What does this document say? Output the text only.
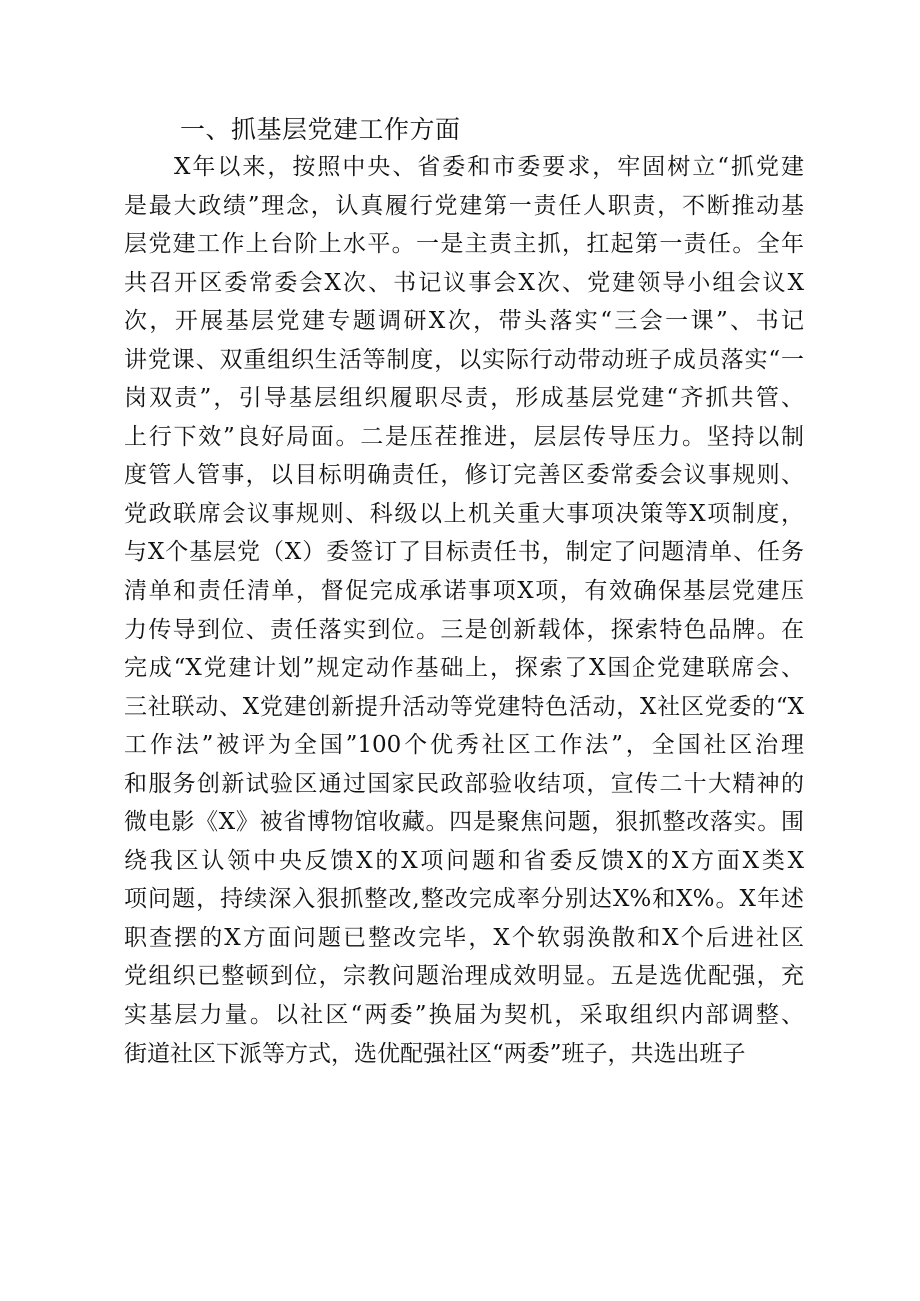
一、抓基层党建工作方面
　　X年以来，按照中央、省委和市委要求，牢固树立“抓党建
是最大政绩”理念，认真履行党建第一责任人职责，不断推动基
层党建工作上台阶上水平。一是主责主抓，扛起第一责任。全年
共召开区委常委会X次、书记议事会X次、党建领导小组会议X
次，开展基层党建专题调研X次，带头落实“三会一课”、书记
讲党课、双重组织生活等制度，以实际行动带动班子成员落实“一
岗双责”，引导基层组织履职尽责，形成基层党建“齐抓共管、
上行下效”良好局面。二是压茬推进，层层传导压力。坚持以制
度管人管事，以目标明确责任，修订完善区委常委会议事规则、
党政联席会议事规则、科级以上机关重大事项决策等X项制度，
与X个基层党（X）委签订了目标责任书，制定了问题清单、任务
清单和责任清单，督促完成承诺事项X项，有效确保基层党建压
力传导到位、责任落实到位。三是创新载体，探索特色品牌。在
完成“X党建计划”规定动作基础上，探索了X国企党建联席会、
三社联动、X党建创新提升活动等党建特色活动，X社区党委的“X
工作法”被评为全国”100个优秀社区工作法”，全国社区治理
和服务创新试验区通过国家民政部验收结项，宣传二十大精神的
微电影《X》被省博物馆收藏。四是聚焦问题，狠抓整改落实。围
绕我区认领中央反馈X的X项问题和省委反馈X的X方面X类X
项问题，持续深入狠抓整改,整改完成率分别达X%和X%。X年述
职查摆的X方面问题已整改完毕，X个软弱涣散和X个后进社区
党组织已整顿到位，宗教问题治理成效明显。五是选优配强，充
实基层力量。以社区“两委”换届为契机，采取组织内部调整、
街道社区下派等方式，选优配强社区“两委”班子，共选出班子
